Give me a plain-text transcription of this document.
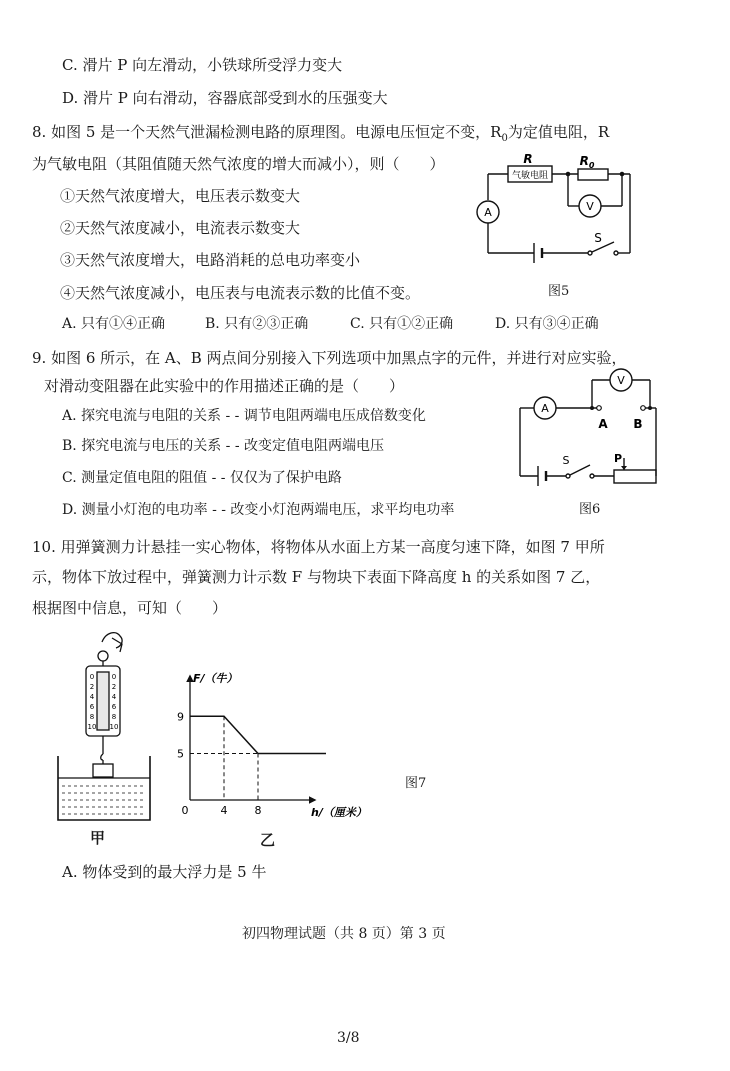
C. 滑片 P 向左滑动，小铁球所受浮力变大
D. 滑片 P 向右滑动，容器底部受到水的压强变大
8. 如图 5 是一个天然气泄漏检测电路的原理图。电源电压恒定不变，$R_0$为定值电阻，R
为气敏电阻（其阻值随天然气浓度的增大而减小），则（　　）
①天然气浓度增大，电压表示数变大
②天然气浓度减小，电流表示数变大
③天然气浓度增大，电路消耗的总电功率变小
④天然气浓度减小，电压表与电流表示数的比值不变。
A. 只有①④正确	B. 只有②③正确	C. 只有①②正确	D. 只有③④正确
R	$R_0$
气敏电阻
A	V
S
图5
9. 如图 6 所示，在 A、B 两点间分别接入下列选项中加黑点字的元件，并进行对应实验，
对滑动变阻器在此实验中的作用描述正确的是（　　）
A. 探究电流与电阻的关系 - - 调节电阻两端电压成倍数变化
B. 探究电流与电压的关系 - - 改变定值电阻两端电压
C. 测量定值电阻的阻值 - - 仅仅为了保护电路
D. 测量小灯泡的电功率 - - 改变小灯泡两端电压，求平均电功率
V
A
A B
S	P
图6
10. 用弹簧测力计悬挂一实心物体，将物体从水面上方某一高度匀速下降，如图 7 甲所
示，物体下放过程中，弹簧测力计示数 F 与物块下表面下降高度 h 的关系如图 7 乙，
根据图中信息，可知（　　）
0
2
4
6
8
10
0
2
4
6
8
10
甲
F/（牛）
h/（厘米）
0	4 8
9
5
乙
图7
A. 物体受到的最大浮力是 5 牛
初四物理试题（共 8 页）第 3 页
3/8
